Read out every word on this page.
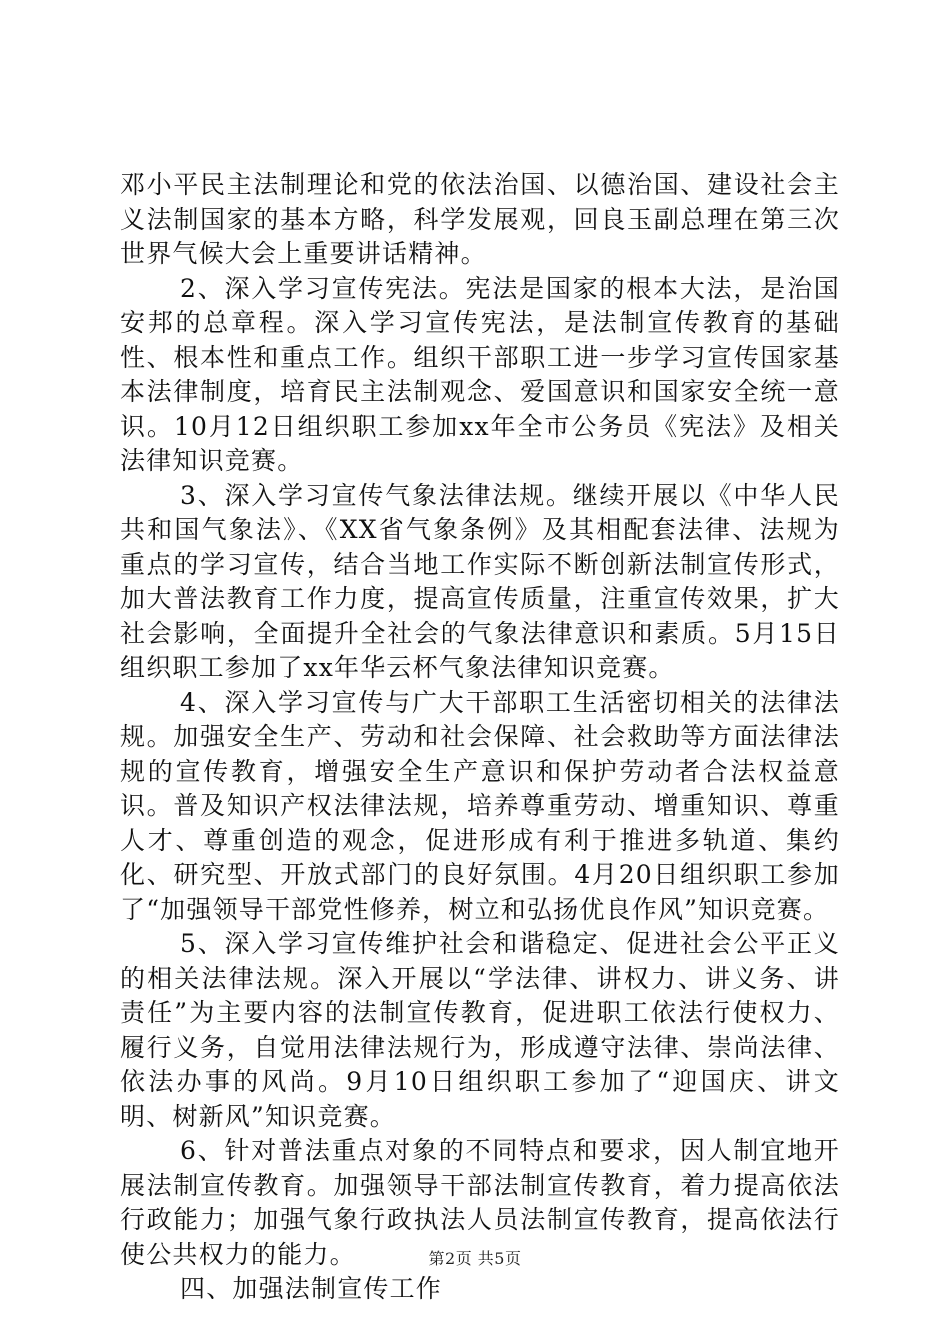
邓小平民主法制理论和党的依法治国、以德治国、建设社会主义法制国家的基本方略，科学发展观，回良玉副总理在第三次世界气候大会上重要讲话精神。

2、深入学习宣传宪法。宪法是国家的根本大法，是治国安邦的总章程。深入学习宣传宪法，是法制宣传教育的基础性、根本性和重点工作。组织干部职工进一步学习宣传国家基本法律制度，培育民主法制观念、爱国意识和国家安全统一意识。10月12日组织职工参加xx年全市公务员《宪法》及相关法律知识竞赛。

3、深入学习宣传气象法律法规。继续开展以《中华人民共和国气象法》、《XX省气象条例》及其相配套法律、法规为重点的学习宣传，结合当地工作实际不断创新法制宣传形式，加大普法教育工作力度，提高宣传质量，注重宣传效果，扩大社会影响，全面提升全社会的气象法律意识和素质。5月15日组织职工参加了xx年华云杯气象法律知识竞赛。

4、深入学习宣传与广大干部职工生活密切相关的法律法规。加强安全生产、劳动和社会保障、社会救助等方面法律法规的宣传教育，增强安全生产意识和保护劳动者合法权益意识。普及知识产权法律法规，培养尊重劳动、增重知识、尊重人才、尊重创造的观念，促进形成有利于推进多轨道、集约化、研究型、开放式部门的良好氛围。4月20日组织职工参加了“加强领导干部党性修养，树立和弘扬优良作风”知识竞赛。

5、深入学习宣传维护社会和谐稳定、促进社会公平正义的相关法律法规。深入开展以“学法律、讲权力、讲义务、讲责任”为主要内容的法制宣传教育，促进职工依法行使权力、履行义务，自觉用法律法规行为，形成遵守法律、崇尚法律、依法办事的风尚。9月10日组织职工参加了“迎国庆、讲文明、树新风”知识竞赛。

6、针对普法重点对象的不同特点和要求，因人制宜地开展法制宣传教育。加强领导干部法制宣传教育，着力提高依法行政能力；加强气象行政执法人员法制宣传教育，提高依法行使公共权力的能力。

四、加强法制宣传工作

第2页 共5页
